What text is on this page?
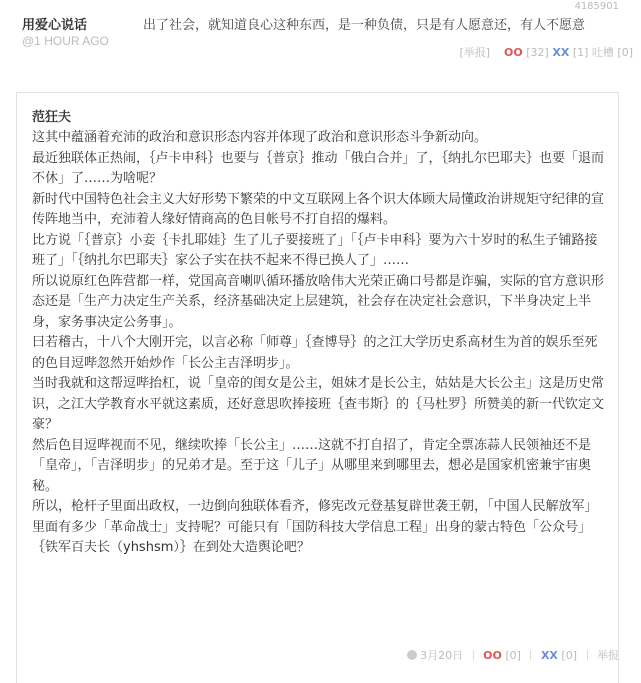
4185901
用爱心说话
@1 HOUR AGO
出了社会，就知道良心这种东西，是一种负债，只是有人愿意还，有人不愿意
[举报] OO [32] XX [1] 吐槽 [0]
范狂夫

这其中蕴涵着充沛的政治和意识形态内容并体现了政治和意识形态斗争新动向。

最近独联体正热闹，｛卢卡申科｝也要与｛普京｝推动「俄白合并」了，｛纳扎尔巴耶夫｝也要「退而不休」了……为啥呢？

新时代中国特色社会主义大好形势下繁荣的中文互联网上各个识大体顾大局懂政治讲规矩守纪律的宣传阵地当中，充沛着人缘好情商高的色目帐号不打自招的爆料。

比方说「｛普京｝小妾｛卡扎耶娃｝生了儿子要接班了」「｛卢卡申科｝要为六十岁时的私生子铺路接班了」「｛纳扎尔巴耶夫｝家公子实在扶不起来不得已换人了」……

所以说原红色阵营都一样，党国高音喇叭循环播放啥伟大光荣正确口号都是诈骗，实际的官方意识形态还是「生产力决定生产关系，经济基础决定上层建筑，社会存在决定社会意识，下半身决定上半身，家务事决定公务事」。

曰若稽古，十八个大刚开完，以言必称「师尊」｛查博导｝的之江大学历史系高材生为首的娱乐至死的色目逗哔忽然开始炒作「长公主吉泽明步」。

当时我就和这帮逗哔抬杠，说「皇帝的闺女是公主，姐妹才是长公主，姑姑是大长公主」这是历史常识，之江大学教育水平就这素质，还好意思吹捧接班｛查韦斯｝的｛马杜罗｝所赞美的新一代钦定文豪？

然后色目逗哔视而不见，继续吹捧「长公主」……这就不打自招了，肯定全票冻蒜人民领袖还不是「皇帝」，「吉泽明步」的兄弟才是。至于这「儿子」从哪里来到哪里去，想必是国家机密兼宇宙奥秘。

所以，枪杆子里面出政权，一边倒向独联体看齐，修宪改元登基复辟世袭王朝，「中国人民解放军」里面有多少「革命战士」支持呢？可能只有「国防科技大学信息工程」出身的蒙古特色「公众号」｛铁军百夫长（yhshsm）｝在到处大造舆论吧？

3月20日 OO [0] XX [0] 举报
